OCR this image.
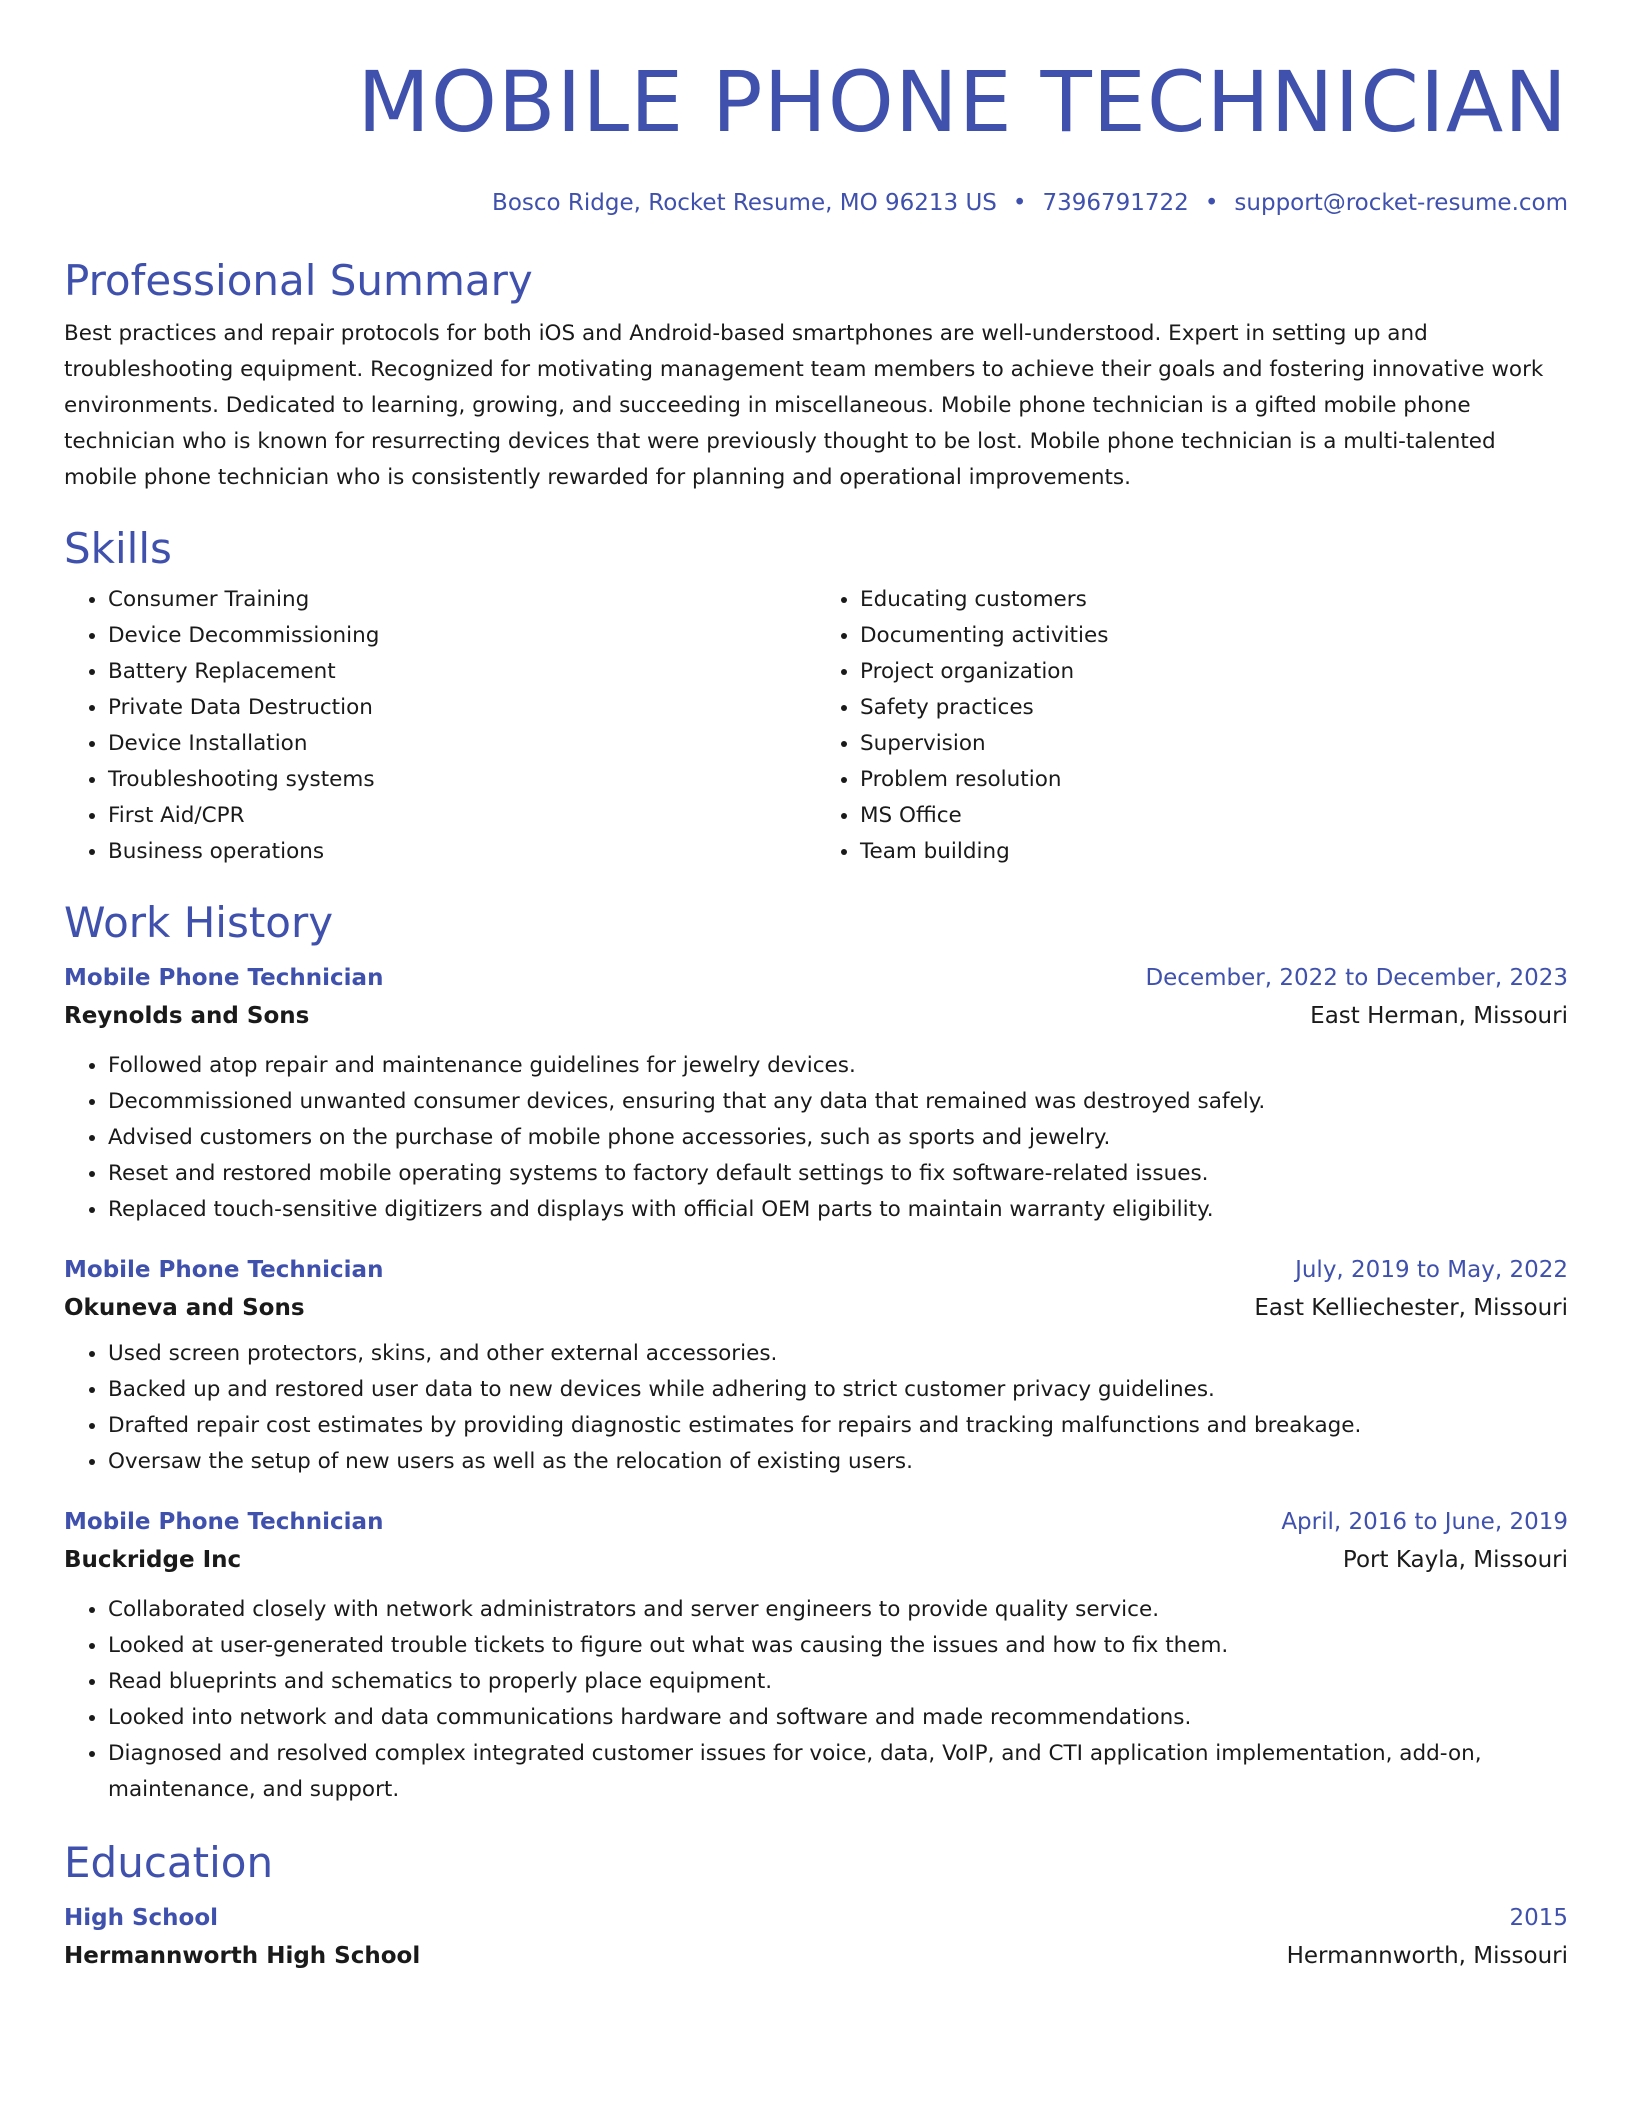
MOBILE PHONE TECHNICIAN
Bosco Ridge, Rocket Resume, MO 96213 US • 7396791722 • support@rocket-resume.com
Professional Summary

Best practices and repair protocols for both iOS and Android-based smartphones are well-understood. Expert in setting up and troubleshooting equipment. Recognized for motivating management team members to achieve their goals and fostering innovative work environments. Dedicated to learning, growing, and succeeding in miscellaneous. Mobile phone technician is a gifted mobile phone technician who is known for resurrecting devices that were previously thought to be lost. Mobile phone technician is a multi-talented mobile phone technician who is consistently rewarded for planning and operational improvements.

Skills
• Consumer Training
• Device Decommissioning
• Battery Replacement
• Private Data Destruction
• Device Installation
• Troubleshooting systems
• First Aid/CPR
• Business operations
• Educating customers
• Documenting activities
• Project organization
• Safety practices
• Supervision
• Problem resolution
• MS Office
• Team building
Work History
Mobile Phone Technician	December, 2022 to December, 2023
Reynolds and Sons	East Herman, Missouri
• Followed atop repair and maintenance guidelines for jewelry devices.
• Decommissioned unwanted consumer devices, ensuring that any data that remained was destroyed safely.
• Advised customers on the purchase of mobile phone accessories, such as sports and jewelry.
• Reset and restored mobile operating systems to factory default settings to fix software-related issues.
• Replaced touch-sensitive digitizers and displays with official OEM parts to maintain warranty eligibility.
Mobile Phone Technician	July, 2019 to May, 2022
Okuneva and Sons	East Kelliechester, Missouri
• Used screen protectors, skins, and other external accessories.
• Backed up and restored user data to new devices while adhering to strict customer privacy guidelines.
• Drafted repair cost estimates by providing diagnostic estimates for repairs and tracking malfunctions and breakage.
• Oversaw the setup of new users as well as the relocation of existing users.
Mobile Phone Technician	April, 2016 to June, 2019
Buckridge Inc	Port Kayla, Missouri
• Collaborated closely with network administrators and server engineers to provide quality service.
• Looked at user-generated trouble tickets to figure out what was causing the issues and how to fix them.
• Read blueprints and schematics to properly place equipment.
• Looked into network and data communications hardware and software and made recommendations.
• Diagnosed and resolved complex integrated customer issues for voice, data, VoIP, and CTI application implementation, add-on, maintenance, and support.
Education
High School	2015
Hermannworth High School	Hermannworth, Missouri
